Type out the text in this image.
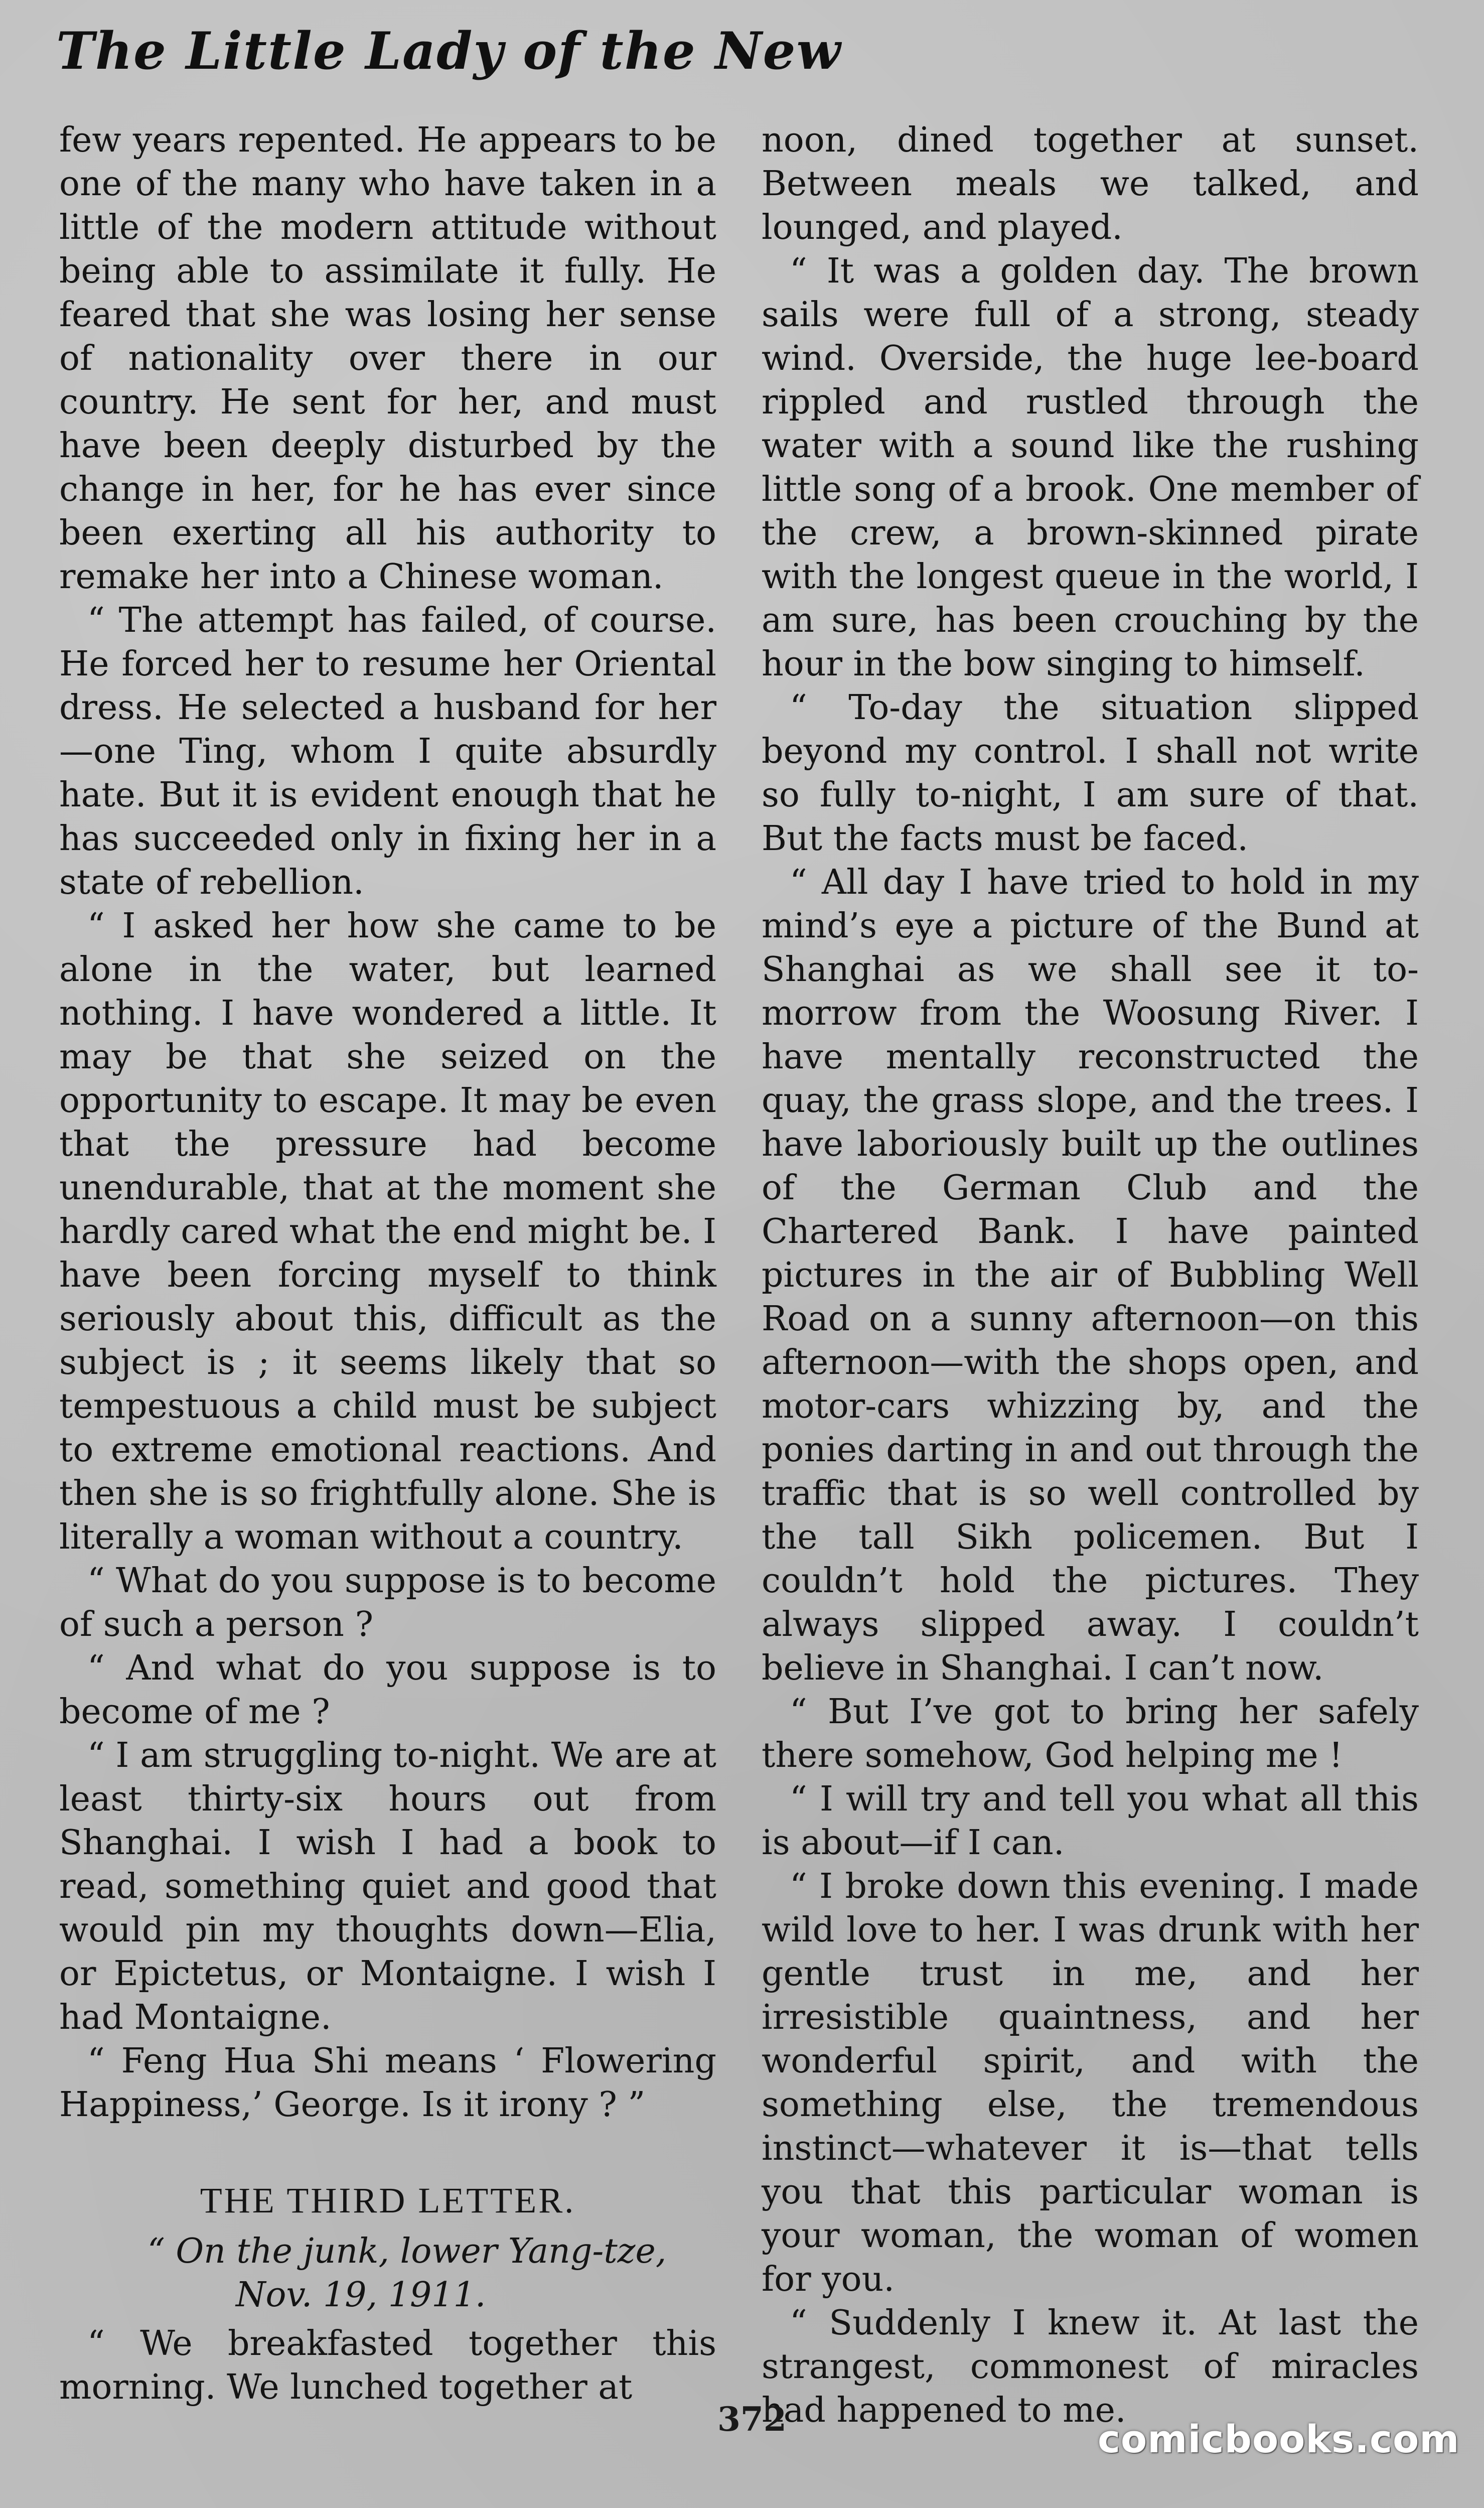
The Little Lady of the New

few years repented. He appears to be one of the many who have taken in a little of the modern attitude without being able to assimilate it fully. He feared that she was losing her sense of nationality over there in our country. He sent for her, and must have been deeply disturbed by the change in her, for he has ever since been exerting all his authority to remake her into a Chinese woman.

“ The attempt has failed, of course. He forced her to resume her Oriental dress. He selected a husband for her —one Ting, whom I quite absurdly hate. But it is evident enough that he has succeeded only in fixing her in a state of rebellion.

“ I asked her how she came to be alone in the water, but learned nothing. I have wondered a little. It may be that she seized on the opportunity to escape. It may be even that the pressure had become unendurable, that at the moment she hardly cared what the end might be. I have been forcing myself to think seriously about this, difficult as the subject is ; it seems likely that so tempestuous a child must be subject to extreme emotional reactions. And then she is so frightfully alone. She is literally a woman without a country.

“ What do you suppose is to become of such a person ?

“ And what do you suppose is to become of me ?

“ I am struggling to-night. We are at least thirty-six hours out from Shanghai. I wish I had a book to read, something quiet and good that would pin my thoughts down—Elia, or Epictetus, or Montaigne. I wish I had Montaigne.

“ Feng Hua Shi means ‘ Flowering Happiness,’ George. Is it irony ? ”

THE THIRD LETTER.
“ On the junk, lower Yang-tze,
Nov. 19, 1911.

“ We breakfasted together this morning. We lunched together at

noon, dined together at sunset. Between meals we talked, and lounged, and played.

“ It was a golden day. The brown sails were full of a strong, steady wind. Overside, the huge lee-board rippled and rustled through the water with a sound like the rushing little song of a brook. One member of the crew, a brown-skinned pirate with the longest queue in the world, I am sure, has been crouching by the hour in the bow singing to himself.

“ To-day the situation slipped beyond my control. I shall not write so fully to-night, I am sure of that. But the facts must be faced.

“ All day I have tried to hold in my mind’s eye a picture of the Bund at Shanghai as we shall see it to-morrow from the Woosung River. I have mentally reconstructed the quay, the grass slope, and the trees. I have laboriously built up the outlines of the German Club and the Chartered Bank. I have painted pictures in the air of Bubbling Well Road on a sunny afternoon—on this afternoon—with the shops open, and motor-cars whizzing by, and the ponies darting in and out through the traffic that is so well controlled by the tall Sikh policemen. But I couldn’t hold the pictures. They always slipped away. I couldn’t believe in Shanghai. I can’t now.

“ But I’ve got to bring her safely there somehow, God helping me !

“ I will try and tell you what all this is about—if I can.

“ I broke down this evening. I made wild love to her. I was drunk with her gentle trust in me, and her irresistible quaintness, and her wonderful spirit, and with the something else, the tremendous instinct—whatever it is—that tells you that this particular woman is your woman, the woman of women for you.

“ Suddenly I knew it. At last the strangest, commonest of miracles had happened to me.

372	comicbooks.com
